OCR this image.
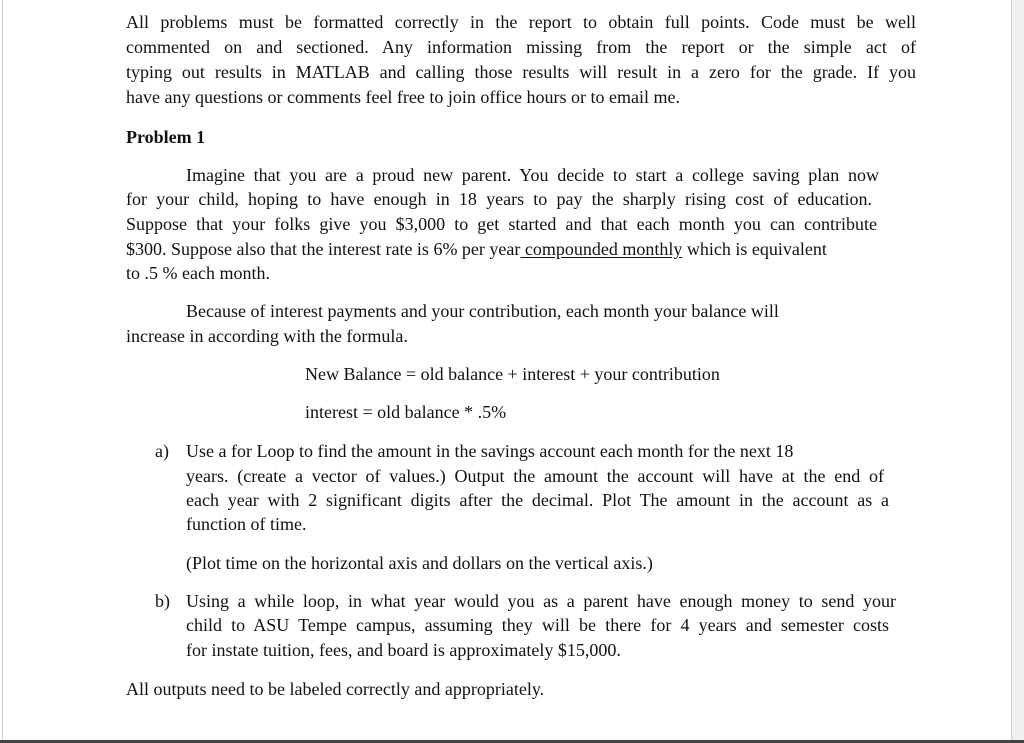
All problems must be formatted correctly in the report to obtain full points. Code must be well
commented on and sectioned. Any information missing from the report or the simple act of
typing out results in MATLAB and calling those results will result in a zero for the grade. If you
have any questions or comments feel free to join office hours or to email me.
Problem 1
Imagine that you are a proud new parent. You decide to start a college saving plan now
for your child, hoping to have enough in 18 years to pay the sharply rising cost of education.
Suppose that your folks give you $3,000 to get started and that each month you can contribute
$300. Suppose also that the interest rate is 6% per year compounded monthly which is equivalent
to .5 % each month.
Because of interest payments and your contribution, each month your balance will
increase in according with the formula.
New Balance = old balance + interest + your contribution
interest = old balance * .5%
a) Use a for Loop to find the amount in the savings account each month for the next 18
years. (create a vector of values.) Output the amount the account will have at the end of
each year with 2 significant digits after the decimal. Plot The amount in the account as a
function of time.
(Plot time on the horizontal axis and dollars on the vertical axis.)
b) Using a while loop, in what year would you as a parent have enough money to send your
child to ASU Tempe campus, assuming they will be there for 4 years and semester costs
for instate tuition, fees, and board is approximately $15,000.
All outputs need to be labeled correctly and appropriately.
